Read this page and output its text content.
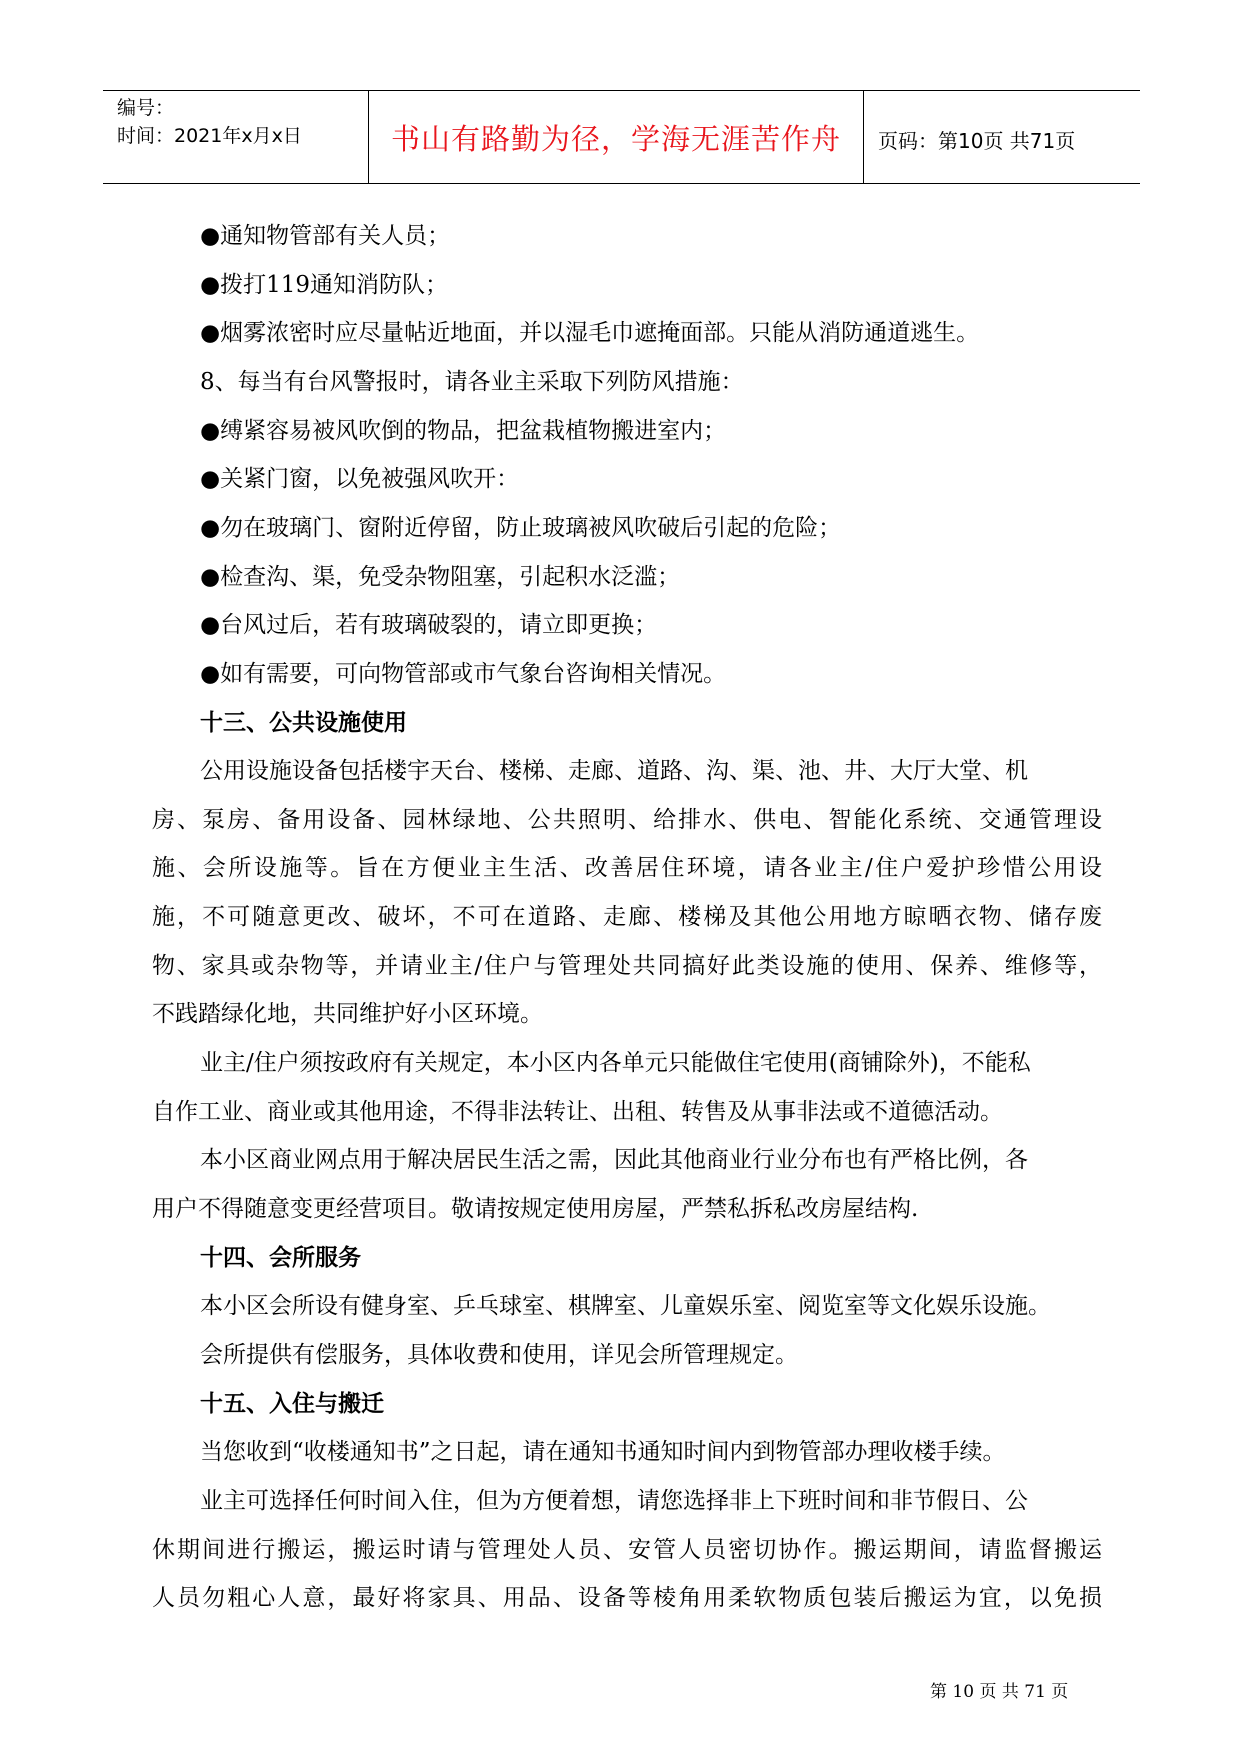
编号：
时间：2021年x月x日	书山有路勤为径，学海无涯苦作舟	页码：第10页 共71页
●通知物管部有关人员；
●拨打119通知消防队；
●烟雾浓密时应尽量帖近地面，并以湿毛巾遮掩面部。只能从消防通道逃生。
8、每当有台风警报时，请各业主采取下列防风措施：
●缚紧容易被风吹倒的物品，把盆栽植物搬进室内；
●关紧门窗，以免被强风吹开：
●勿在玻璃门、窗附近停留，防止玻璃被风吹破后引起的危险；
●检查沟、渠，免受杂物阻塞，引起积水泛滥；
●台风过后，若有玻璃破裂的，请立即更换；
●如有需要，可向物管部或市气象台咨询相关情况。
十三、公共设施使用
公用设施设备包括楼宇天台、楼梯、走廊、道路、沟、渠、池、井、大厅大堂、机
房、泵房、备用设备、园林绿地、公共照明、给排水、供电、智能化系统、交通管理设
施、会所设施等。旨在方便业主生活、改善居住环境，请各业主/住户爱护珍惜公用设
施，不可随意更改、破坏，不可在道路、走廊、楼梯及其他公用地方晾晒衣物、储存废
物、家具或杂物等，并请业主/住户与管理处共同搞好此类设施的使用、保养、维修等，
不践踏绿化地，共同维护好小区环境。
业主/住户须按政府有关规定，本小区内各单元只能做住宅使用(商铺除外)，不能私
自作工业、商业或其他用途，不得非法转让、出租、转售及从事非法或不道德活动。
本小区商业网点用于解决居民生活之需，因此其他商业行业分布也有严格比例，各
用户不得随意变更经营项目。敬请按规定使用房屋，严禁私拆私改房屋结构.
十四、会所服务
本小区会所设有健身室、乒乓球室、棋牌室、儿童娱乐室、阅览室等文化娱乐设施。
会所提供有偿服务，具体收费和使用，详见会所管理规定。
十五、入住与搬迁
当您收到“收楼通知书”之日起，请在通知书通知时间内到物管部办理收楼手续。
业主可选择任何时间入住，但为方便着想，请您选择非上下班时间和非节假日、公
休期间进行搬运，搬运时请与管理处人员、安管人员密切协作。搬运期间，请监督搬运
人员勿粗心人意，最好将家具、用品、设备等棱角用柔软物质包装后搬运为宜，以免损
第 10 页 共 71 页
